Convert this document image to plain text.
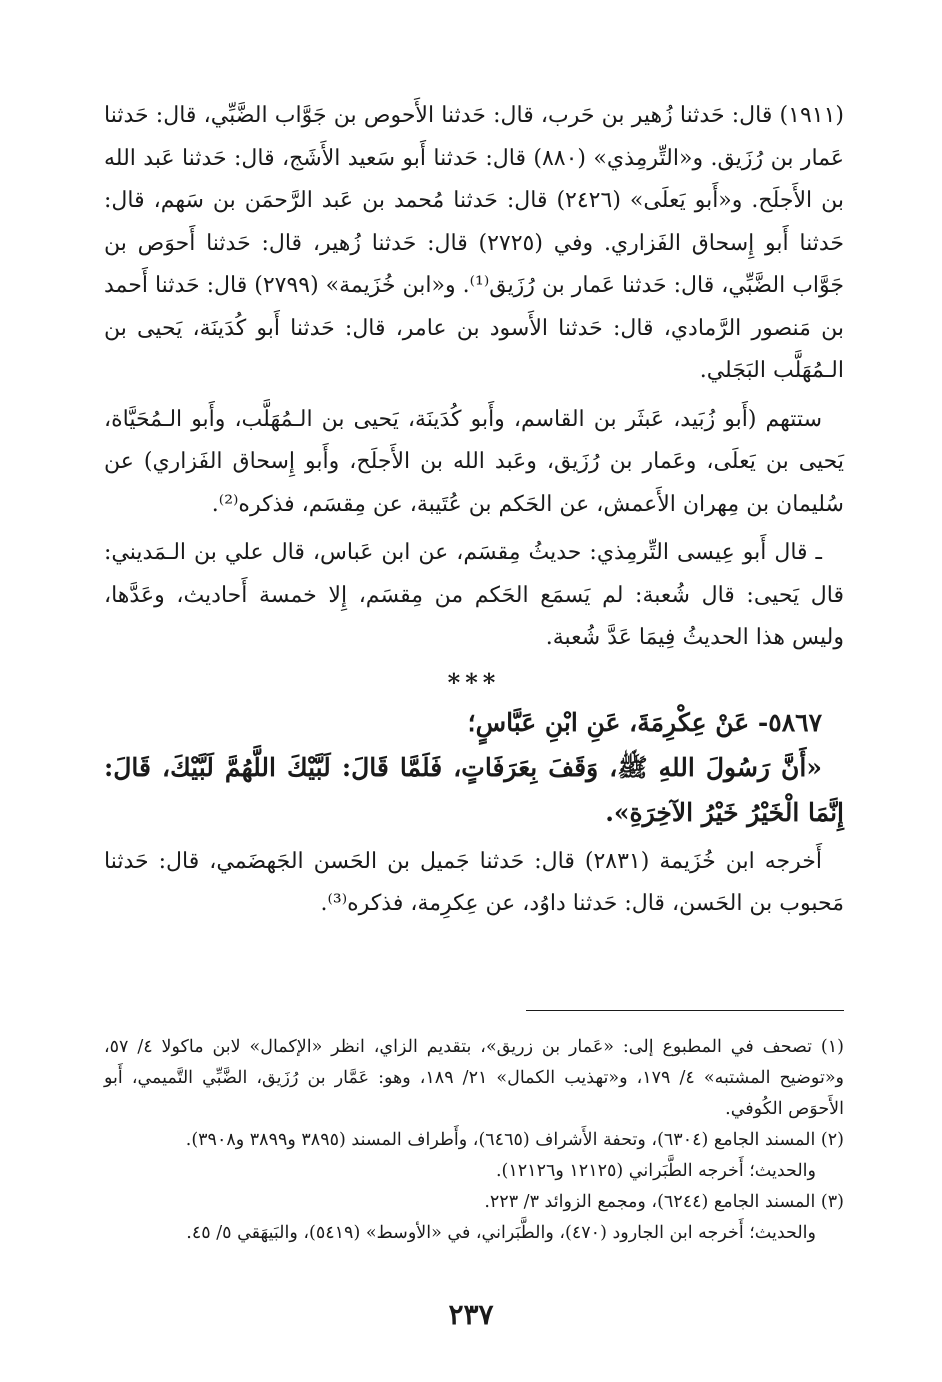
(١٩١١) قال: حَدثنا زُهير بن حَرب، قال: حَدثنا الأَحوص بن جَوَّاب الضَّبِّي، قال: حَدثنا عَمار بن رُزَيق. و«التِّرمِذي» (٨٨٠) قال: حَدثنا أَبو سَعيد الأَشَج، قال: حَدثنا عَبد الله بن الأَجلَح. و«أَبو يَعلَى» (٢٤٢٦) قال: حَدثنا مُحمد بن عَبد الرَّحمَن بن سَهم، قال: حَدثنا أَبو إِسحاق الفَزاري. وفي (٢٧٢٥) قال: حَدثنا زُهير، قال: حَدثنا أَحوَص بن جَوَّاب الضَّبِّي، قال: حَدثنا عَمار بن رُزَيق⁽¹⁾. و«ابن خُزَيمة» (٢٧٩٩) قال: حَدثنا أَحمد بن مَنصور الرَّمادي، قال: حَدثنا الأَسود بن عامر، قال: حَدثنا أَبو كُدَينَة، يَحيى بن الـمُهَلَّب البَجَلي.

ستتهم (أَبو زُبَيد، عَبثَر بن القاسم، وأَبو كُدَينَة، يَحيى بن الـمُهَلَّب، وأَبو الـمُحَيَّاة، يَحيى بن يَعلَى، وعَمار بن رُزَيق، وعَبد الله بن الأَجلَح، وأَبو إِسحاق الفَزاري) عن سُليمان بن مِهران الأَعمش، عن الحَكم بن عُتَيبة، عن مِقسَم، فذكره⁽²⁾.

ـ قال أَبو عِيسى التِّرمِذي: حديثُ مِقسَم، عن ابن عَباس، قال علي بن الـمَديني: قال يَحيى: قال شُعبة: لم يَسمَع الحَكم من مِقسَم، إِلا خمسة أَحاديث، وعَدَّها، وليس هذا الحديثُ فِيمَا عَدَّ شُعبة.

***

٥٨٦٧- عَنْ عِكْرِمَةَ، عَنِ ابْنِ عَبَّاسٍ؛

«أَنَّ رَسُولَ اللهِ ﷺ، وَقَفَ بِعَرَفَاتٍ، فَلَمَّا قَالَ: لَبَّيْكَ اللَّهُمَّ لَبَّيْكَ، قَالَ: إِنَّمَا الْخَيْرُ خَيْرُ الآخِرَةِ».

أَخرجه ابن خُزَيمة (٢٨٣١) قال: حَدثنا جَميل بن الحَسن الجَهضَمي، قال: حَدثنا مَحبوب بن الحَسن، قال: حَدثنا داوُد، عن عِكرِمة، فذكره⁽³⁾.

(١) تصحف في المطبوع إلى: «عَمار بن زريق»، بتقديم الزاي، انظر «الإكمال» لابن ماكولا ٤/ ٥٧، و«توضيح المشتبه» ٤/ ١٧٩، و«تهذيب الكمال» ٢١/ ١٨٩، وهو: عَمَّار بن رُزَيق، الضَّبِّي التَّميمي، أَبو الأَحوَص الكُوفي.

(٢) المسند الجامع (٦٣٠٤)، وتحفة الأَشراف (٦٤٦٥)، وأَطراف المسند (٣٨٩٥ و٣٨٩٩ و٣٩٠٨).

والحديث؛ أَخرجه الطَّبَراني (١٢١٢٥ و١٢١٢٦).

(٣) المسند الجامع (٦٢٤٤)، ومجمع الزوائد ٣/ ٢٢٣.

والحديث؛ أَخرجه ابن الجارود (٤٧٠)، والطَّبَراني، في «الأوسط» (٥٤١٩)، والبَيهَقي ٥/ ٤٥.

٢٣٧
